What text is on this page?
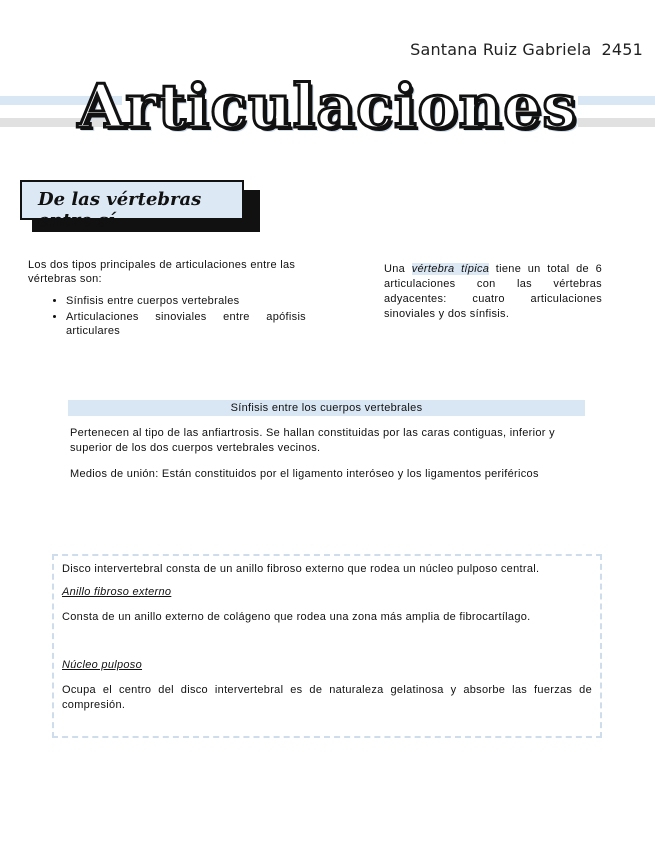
Santana Ruiz Gabriela 2451
Articulaciones
De las vértebras entre sí
Los dos tipos principales de articulaciones entre las vértebras son:
• Sínfisis entre cuerpos vertebrales
• Articulaciones sinoviales entre apófisis articulares
Una vértebra típica tiene un total de 6 articulaciones con las vértebras adyacentes: cuatro articulaciones sinoviales y dos sínfisis.
Sínfisis entre los cuerpos vertebrales
Pertenecen al tipo de las anfiartrosis. Se hallan constituidas por las caras contiguas, inferior y superior de los dos cuerpos vertebrales vecinos.
Medios de unión: Están constituidos por el ligamento interóseo y los ligamentos periféricos
Disco intervertebral consta de un anillo fibroso externo que rodea un núcleo pulposo central.
Anillo fibroso externo
Consta de un anillo externo de colágeno que rodea una zona más amplia de fibrocartílago.
Núcleo pulposo
Ocupa el centro del disco intervertebral es de naturaleza gelatinosa y absorbe las fuerzas de compresión.
